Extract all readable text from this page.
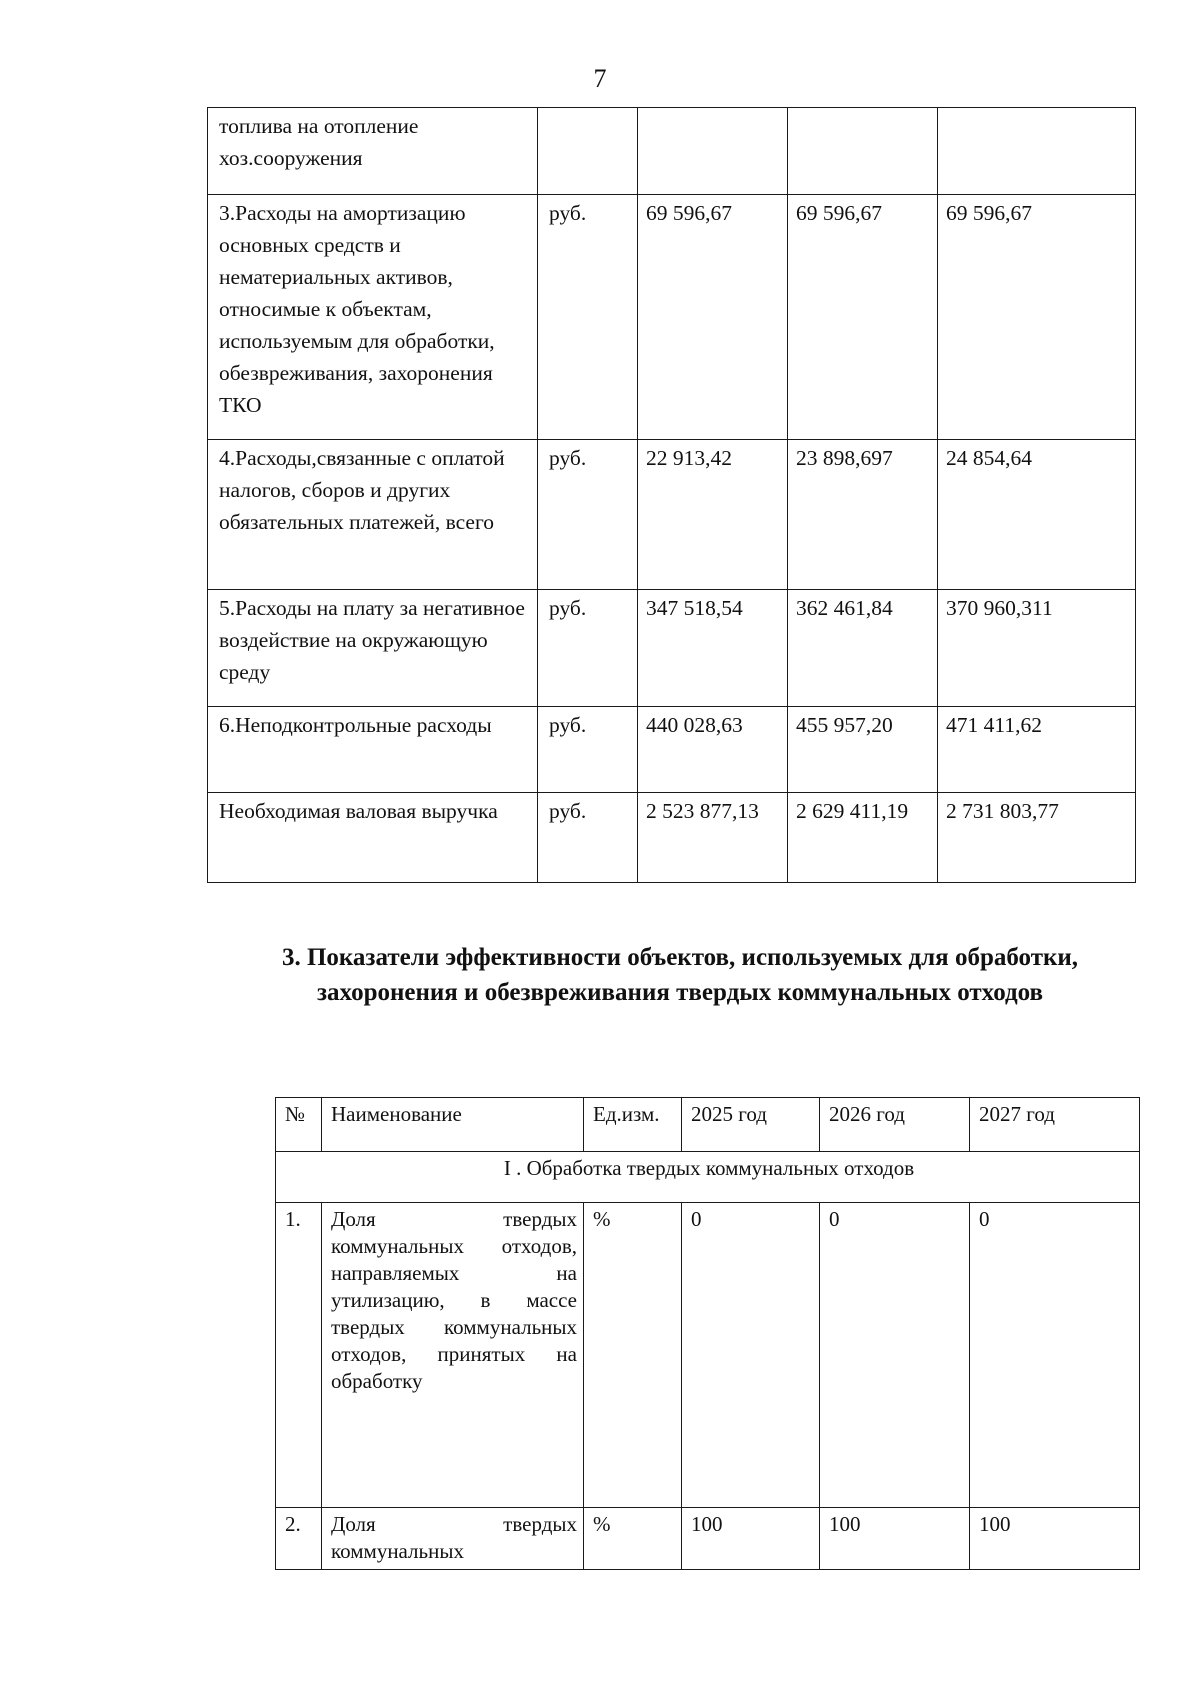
7
топлива на отопление хоз.сооружения				
3.Расходы на амортизацию основных средств и нематериальных активов, относимые к объектам, используемым для обработки, обезвреживания, захоронения ТКО	руб.	69 596,67	69 596,67	69 596,67
4.Расходы,связанные с оплатой налогов, сборов и других обязательных платежей, всего	руб.	22 913,42	23 898,697	24 854,64
5.Расходы на плату за негативное воздействие на окружающую среду	руб.	347 518,54	362 461,84	370 960,311
6.Неподконтрольные расходы	руб.	440 028,63	455 957,20	471 411,62
Необходимая валовая выручка	руб.	2 523 877,13	2 629 411,19	2 731 803,77
3. Показатели эффективности объектов, используемых для обработки, захоронения и обезвреживания твердых коммунальных отходов
№	Наименование	Ед.изм.	2025 год	2026 год	2027 год
I . Обработка твердых коммунальных отходов					
1.	Доля твердых коммунальных отходов, направляемых на утилизацию, в массе твердых коммунальных отходов, принятых на обработку	%	0	0	0
2.	Доля твердых коммунальных	%	100	100	100
